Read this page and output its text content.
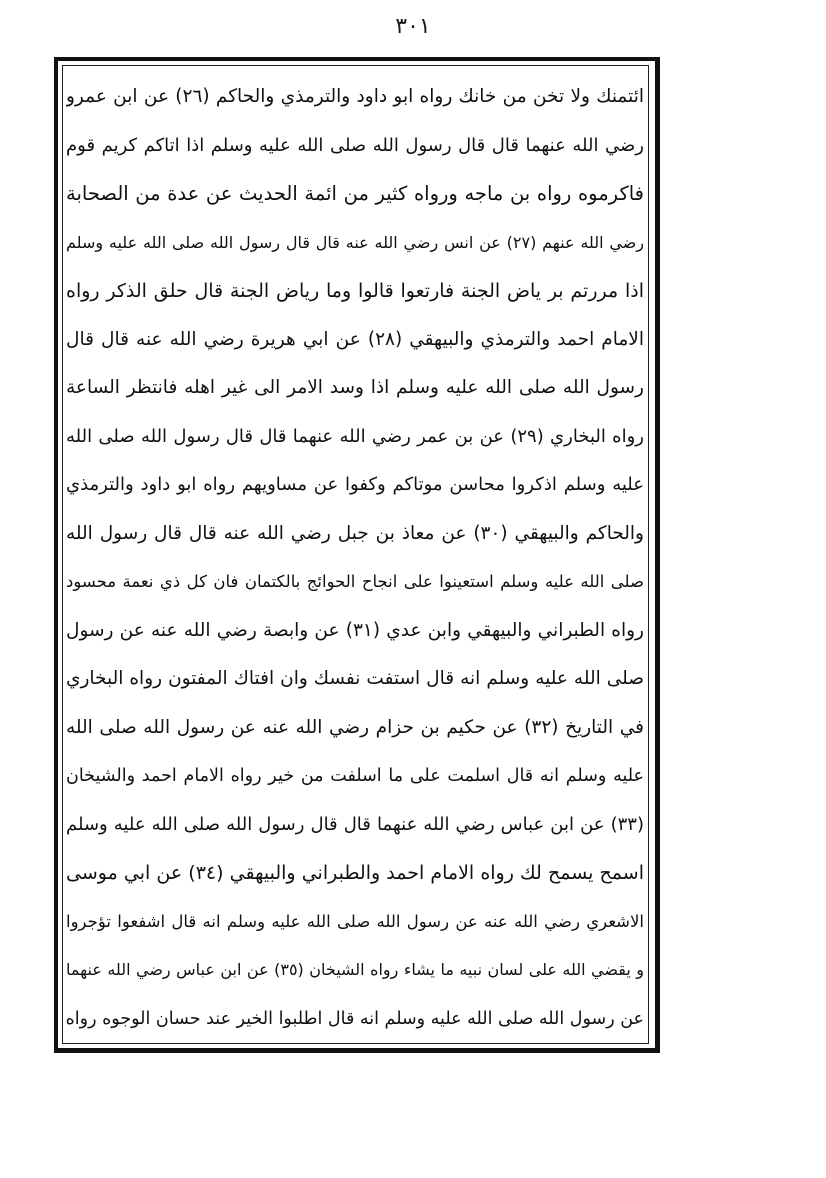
٣٠١
ائتمنك ولا تخن من خانك رواه ابو داود والترمذي والحاكم (٢٦) عن ابن عمرو
رضي الله عنهما قال قال رسول الله صلى الله عليه وسلم اذا اتاكم كريم قوم
فاكرموه رواه بن ماجه ورواه كثير من ائمة الحديث عن عدة من الصحابة
رضي الله عنهم (٢٧) عن انس رضي الله عنه قال قال رسول الله صلى الله عليه وسلم
اذا مررتم بر ياض الجنة فارتعوا قالوا وما رياض الجنة قال حلق الذكر رواه
الامام احمد والترمذي والبيهقي (٢٨) عن ابي هريرة رضي الله عنه قال قال
رسول الله صلى الله عليه وسلم اذا وسد الامر الى غير اهله فانتظر الساعة
رواه البخاري (٢٩) عن بن عمر رضي الله عنهما قال قال رسول الله صلى الله
عليه وسلم اذكروا محاسن موتاكم وكفوا عن مساويهم رواه ابو داود والترمذي
والحاكم والبيهقي (٣٠) عن معاذ بن جبل رضي الله عنه قال قال رسول الله
صلى الله عليه وسلم استعينوا على انجاح الحوائج بالكتمان فان كل ذي نعمة محسود
رواه الطبراني والبيهقي وابن عدي (٣١) عن وابصة رضي الله عنه عن رسول
صلى الله عليه وسلم انه قال استفت نفسك وان افتاك المفتون رواه البخاري
في التاريخ (٣٢) عن حكيم بن حزام رضي الله عنه عن رسول الله صلى الله
عليه وسلم انه قال اسلمت على ما اسلفت من خير رواه الامام احمد والشيخان
(٣٣) عن ابن عباس رضي الله عنهما قال قال رسول الله صلى الله عليه وسلم
اسمح يسمح لك رواه الامام احمد والطبراني والبيهقي (٣٤) عن ابي موسى
الاشعري رضي الله عنه عن رسول الله صلى الله عليه وسلم انه قال اشفعوا تؤجروا
و يقضي الله على لسان نبيه ما يشاء رواه الشيخان (٣٥) عن ابن عباس رضي الله عنهما
عن رسول الله صلى الله عليه وسلم انه قال اطلبوا الخير عند حسان الوجوه رواه
